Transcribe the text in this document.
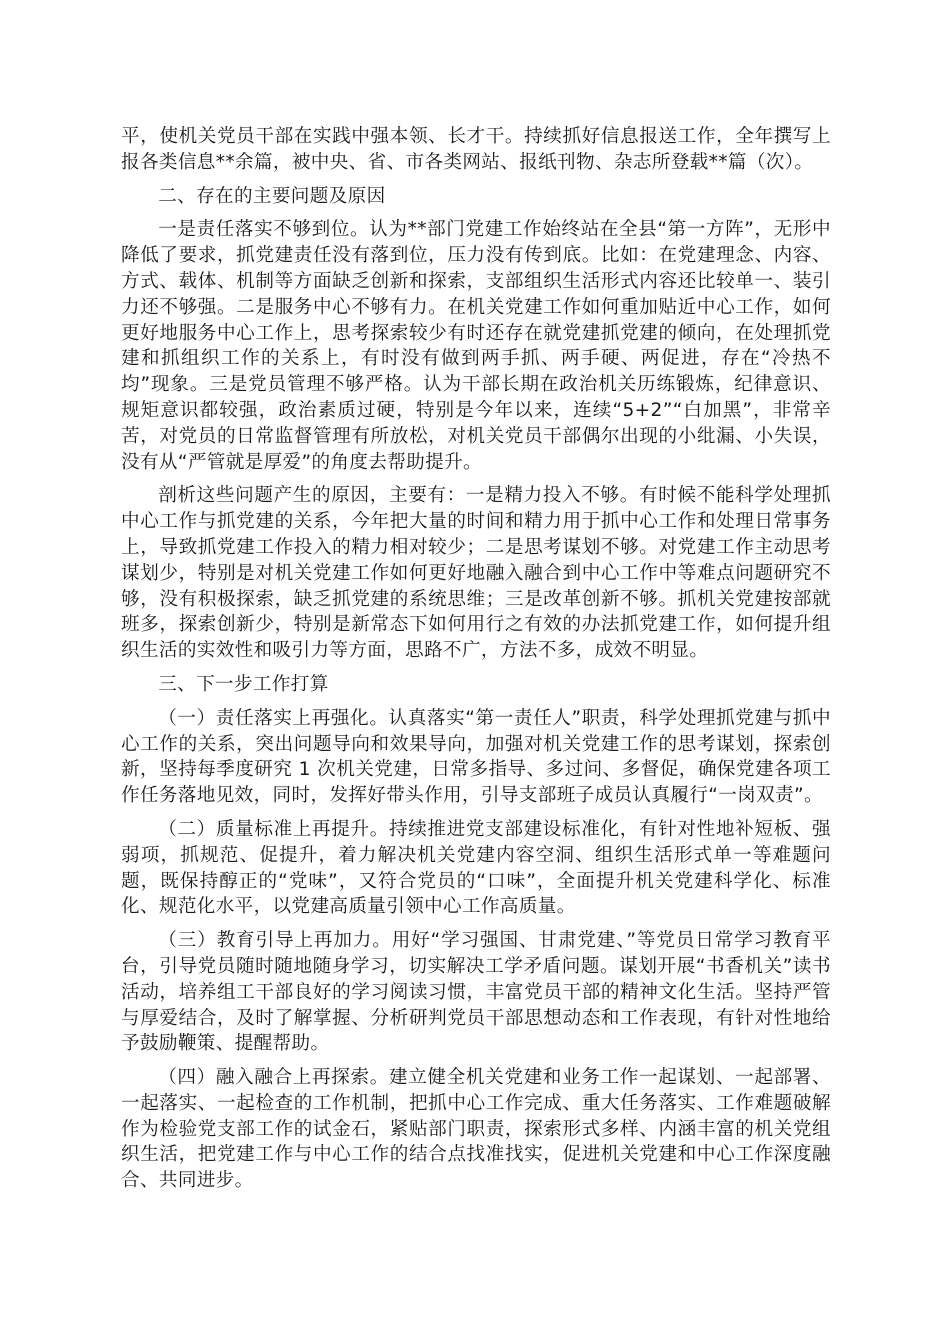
平，使机关党员干部在实践中强本领、长才干。持续抓好信息报送工作，全年撰写上报各类信息**余篇，被中央、省、市各类网站、报纸刊物、杂志所登载**篇（次）。

二、存在的主要问题及原因

一是责任落实不够到位。认为**部门党建工作始终站在全县“第一方阵”，无形中降低了要求，抓党建责任没有落到位，压力没有传到底。比如：在党建理念、内容、方式、载体、机制等方面缺乏创新和探索，支部组织生活形式内容还比较单一、装引力还不够强。二是服务中心不够有力。在机关党建工作如何重加贴近中心工作，如何更好地服务中心工作上，思考探索较少有时还存在就党建抓党建的倾向，在处理抓党建和抓组织工作的关系上，有时没有做到两手抓、两手硬、两促进，存在“冷热不均”现象。三是党员管理不够严格。认为干部长期在政治机关历练锻炼，纪律意识、规矩意识都较强，政治素质过硬，特别是今年以来，连续“5+2”“白加黑”，非常辛苦，对党员的日常监督管理有所放松，对机关党员干部偶尔出现的小纰漏、小失误，没有从“严管就是厚爱”的角度去帮助提升。

剖析这些问题产生的原因，主要有：一是精力投入不够。有时候不能科学处理抓中心工作与抓党建的关系，今年把大量的时间和精力用于抓中心工作和处理日常事务上，导致抓党建工作投入的精力相对较少；二是思考谋划不够。对党建工作主动思考谋划少，特别是对机关党建工作如何更好地融入融合到中心工作中等难点问题研究不够，没有积极探索，缺乏抓党建的系统思维；三是改革创新不够。抓机关党建按部就班多，探索创新少，特别是新常态下如何用行之有效的办法抓党建工作，如何提升组织生活的实效性和吸引力等方面，思路不广，方法不多，成效不明显。

三、下一步工作打算

（一）责任落实上再强化。认真落实“第一责任人”职责，科学处理抓党建与抓中心工作的关系，突出问题导向和效果导向，加强对机关党建工作的思考谋划，探索创新，坚持每季度研究 1 次机关党建，日常多指导、多过问、多督促，确保党建各项工作任务落地见效，同时，发挥好带头作用，引导支部班子成员认真履行“一岗双责”。

（二）质量标准上再提升。持续推进党支部建设标准化，有针对性地补短板、强弱项，抓规范、促提升，着力解决机关党建内容空洞、组织生活形式单一等难题问题，既保持醇正的“党味”，又符合党员的“口味”，全面提升机关党建科学化、标准化、规范化水平，以党建高质量引领中心工作高质量。

（三）教育引导上再加力。用好“学习强国、甘肃党建、”等党员日常学习教育平台，引导党员随时随地随身学习，切实解决工学矛盾问题。谋划开展“书香机关”读书活动，培养组工干部良好的学习阅读习惯，丰富党员干部的精神文化生活。坚持严管与厚爱结合，及时了解掌握、分析研判党员干部思想动态和工作表现，有针对性地给予鼓励鞭策、提醒帮助。

（四）融入融合上再探索。建立健全机关党建和业务工作一起谋划、一起部署、一起落实、一起检查的工作机制，把抓中心工作完成、重大任务落实、工作难题破解作为检验党支部工作的试金石，紧贴部门职责，探索形式多样、内涵丰富的机关党组织生活，把党建工作与中心工作的结合点找准找实，促进机关党建和中心工作深度融合、共同进步。
